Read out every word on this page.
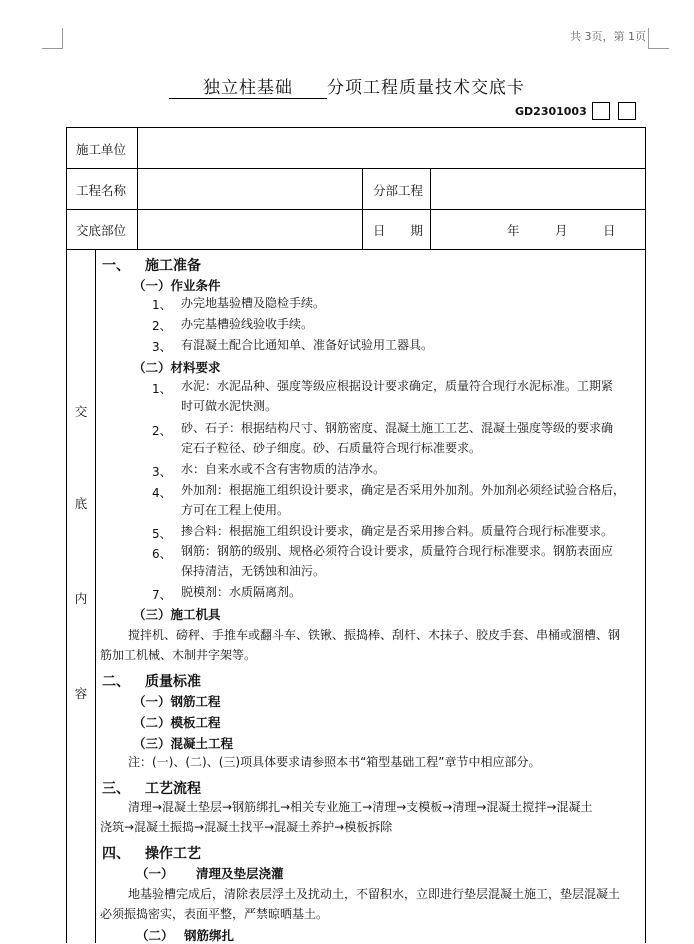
共 3页，第 1页
独立柱基础 分项工程质量技术交底卡
GD2301003
施工单位
工程名称	分部工程
交底部位	日　　期	年	月	日
交
底
内
容
一、 施工准备
（一）作业条件
1、 办完地基验槽及隐检手续。
2、 办完基槽验线验收手续。
3、 有混凝土配合比通知单、准备好试验用工器具。
（二）材料要求
1、 水泥：水泥品种、强度等级应根据设计要求确定，质量符合现行水泥标准。工期紧
时可做水泥快测。
2、 砂、石子：根据结构尺寸、钢筋密度、混凝土施工工艺、混凝土强度等级的要求确
定石子粒径、砂子细度。砂、石质量符合现行标准要求。
3、 水：自来水或不含有害物质的洁净水。
4、 外加剂：根据施工组织设计要求，确定是否采用外加剂。外加剂必须经试验合格后，
方可在工程上使用。
5、 掺合料：根据施工组织设计要求，确定是否采用掺合料。质量符合现行标准要求。
6、 钢筋：钢筋的级别、规格必须符合设计要求，质量符合现行标准要求。钢筋表面应
保持清洁，无锈蚀和油污。
7、 脱模剂：水质隔离剂。
（三）施工机具
搅拌机、磅秤、手推车或翻斗车、铁锹、振捣棒、刮杆、木抹子、胶皮手套、串桶或溜槽、钢
筋加工机械、木制井字架等。
二、 质量标准
（一）钢筋工程
（二）模板工程
（三）混凝土工程
注：(一)、(二)、(三)项具体要求请参照本书“箱型基础工程”章节中相应部分。
三、 工艺流程
清理→混凝土垫层→钢筋绑扎→相关专业施工→清理→支模板→清理→混凝土搅拌→混凝土
浇筑→混凝土振捣→混凝土找平→混凝土养护→模板拆除
四、 操作工艺
（一） 清理及垫层浇灌
地基验槽完成后，清除表层浮土及扰动土，不留积水，立即进行垫层混凝土施工，垫层混凝土
必须振捣密实，表面平整，严禁晾晒基土。
（二） 钢筋绑扎
